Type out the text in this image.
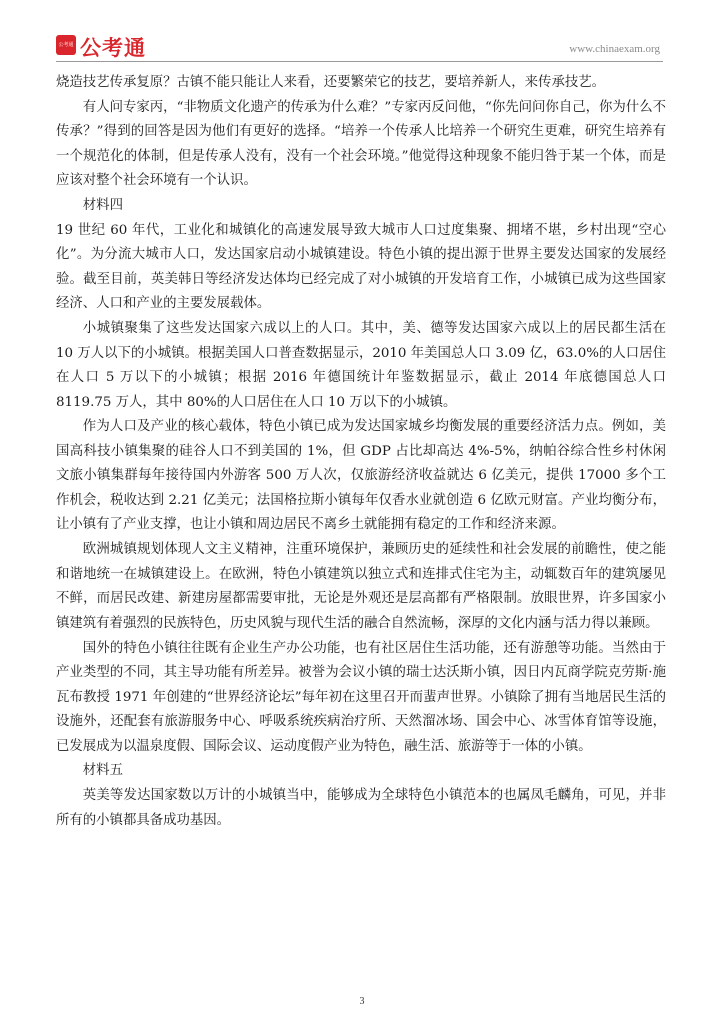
公考通 公考通	www.chinaexam.org

烧造技艺传承复原？古镇不能只能让人来看，还要繁荣它的技艺，要培养新人，来传承技艺。

有人问专家丙，“非物质文化遗产的传承为什么难？”专家丙反问他，“你先问问你自己，你为什么不传承？”得到的回答是因为他们有更好的选择。“培养一个传承人比培养一个研究生更难，研究生培养有一个规范化的体制，但是传承人没有，没有一个社会环境。”他觉得这种现象不能归咎于某一个体，而是应该对整个社会环境有一个认识。

材料四

19 世纪 60 年代，工业化和城镇化的高速发展导致大城市人口过度集聚、拥堵不堪，乡村出现“空心化”。为分流大城市人口，发达国家启动小城镇建设。特色小镇的提出源于世界主要发达国家的发展经验。截至目前，英美韩日等经济发达体均已经完成了对小城镇的开发培育工作，小城镇已成为这些国家经济、人口和产业的主要发展载体。

小城镇聚集了这些发达国家六成以上的人口。其中，美、德等发达国家六成以上的居民都生活在 10 万人以下的小城镇。根据美国人口普查数据显示，2010 年美国总人口 3.09 亿，63.0%的人口居住在人口 5 万以下的小城镇；根据 2016 年德国统计年鉴数据显示，截止 2014 年底德国总人口 8119.75 万人，其中 80%的人口居住在人口 10 万以下的小城镇。

作为人口及产业的核心载体，特色小镇已成为发达国家城乡均衡发展的重要经济活力点。例如，美国高科技小镇集聚的硅谷人口不到美国的 1%，但 GDP 占比却高达 4%-5%，纳帕谷综合性乡村休闲文旅小镇集群每年接待国内外游客 500 万人次，仅旅游经济收益就达 6 亿美元，提供 17000 多个工作机会，税收达到 2.21 亿美元；法国格拉斯小镇每年仅香水业就创造 6 亿欧元财富。产业均衡分布，让小镇有了产业支撑，也让小镇和周边居民不离乡土就能拥有稳定的工作和经济来源。

欧洲城镇规划体现人文主义精神，注重环境保护，兼顾历史的延续性和社会发展的前瞻性，使之能和谐地统一在城镇建设上。在欧洲，特色小镇建筑以独立式和连排式住宅为主，动辄数百年的建筑屡见不鲜，而居民改建、新建房屋都需要审批，无论是外观还是层高都有严格限制。放眼世界，许多国家小镇建筑有着强烈的民族特色，历史风貌与现代生活的融合自然流畅，深厚的文化内涵与活力得以兼顾。

国外的特色小镇往往既有企业生产办公功能，也有社区居住生活功能，还有游憩等功能。当然由于产业类型的不同，其主导功能有所差异。被誉为会议小镇的瑞士达沃斯小镇，因日内瓦商学院克劳斯·施瓦布教授 1971 年创建的“世界经济论坛”每年初在这里召开而蜚声世界。小镇除了拥有当地居民生活的设施外，还配套有旅游服务中心、呼吸系统疾病治疗所、天然溜冰场、国会中心、冰雪体育馆等设施，已发展成为以温泉度假、国际会议、运动度假产业为特色，融生活、旅游等于一体的小镇。

材料五

英美等发达国家数以万计的小城镇当中，能够成为全球特色小镇范本的也属凤毛麟角，可见，并非所有的小镇都具备成功基因。

3
